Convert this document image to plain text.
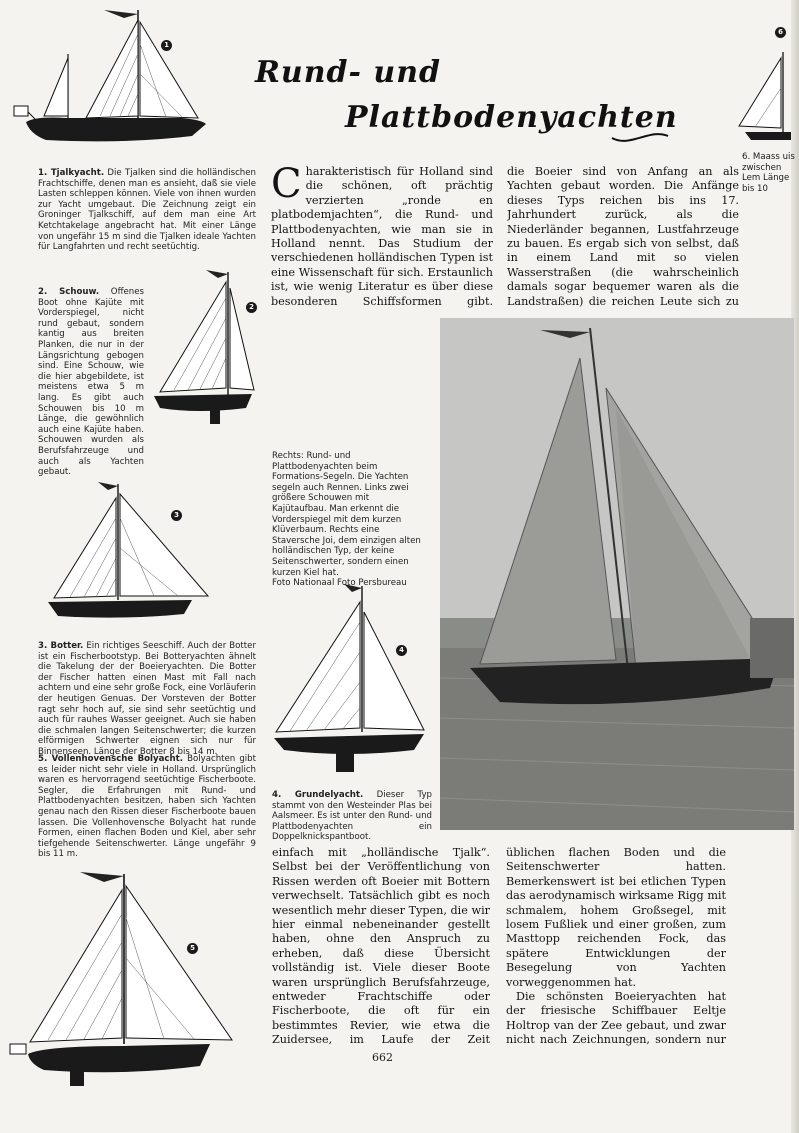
Rund- und
Plattbodenyachten
1
1. Tjalkyacht. Die Tjalken sind die holländischen Frachtschiffe, denen man es ansieht, daß sie viele Lasten schleppen können. Viele von ihnen wurden zur Yacht umgebaut. Die Zeichnung zeigt ein Groninger Tjalkschiff, auf dem man eine Art Ketchtakelage angebracht hat. Mit einer Länge von ungefähr 15 m sind die Tjalken ideale Yachten für Langfahrten und recht seetüchtig.
2
2. Schouw. Offenes Boot ohne Kajüte mit Vorderspiegel, nicht rund gebaut, sondern kantig aus breiten Planken, die nur in der Längsrichtung gebogen sind. Eine Schouw, wie die hier abgebildete, ist meistens etwa 5 m lang. Es gibt auch Schouwen bis 10 m Länge, die gewöhnlich auch eine Kajüte haben. Schouwen wurden als Berufsfahrzeuge und auch als Yachten gebaut.
3
3. Botter. Ein richtiges Seeschiff. Auch der Botter ist ein Fischerbootstyp. Bei Botteryachten ähnelt die Takelung der der Boeieryachten. Die Botter der Fischer hatten einen Mast mit Fall nach achtern und eine sehr große Fock, eine Vorläuferin der heutigen Genuas. Der Vorsteven der Botter ragt sehr hoch auf, sie sind sehr seetüchtig und auch für rauhes Wasser geeignet. Auch sie haben die schmalen langen Seitenschwerter; die kurzen elförmigen Schwerter eignen sich nur für Binnenseen. Länge der Botter 8 bis 14 m.
4
4. Grundelyacht. Dieser Typ stammt von den Westeinder Plas bei Aalsmeer. Es ist unter den Rund- und Plattbodenyachten ein Doppelknickspantboot.
5. Vollenhovensche Bolyacht. Bolyachten gibt es leider nicht sehr viele in Holland. Ursprünglich waren es hervorragend seetüchtige Fischerboote. Segler, die Erfahrungen mit Rund- und Plattbodenyachten besitzen, haben sich Yachten genau nach den Rissen dieser Fischerboote bauen lassen. Die Vollenhovensche Bolyacht hat runde Formen, einen flachen Boden und Kiel, aber sehr tiefgehende Seitenschwerter. Länge ungefähr 9 bis 11 m.
5

Charakteristisch für Holland sind die schönen, oft prächtig verzierten „ronde en platbodemjachten“, die Rund- und Plattbodenyachten, wie man sie in Holland nennt. Das Studium der verschiedenen holländischen Typen ist eine Wissenschaft für sich. Erstaunlich ist, wie wenig Literatur es über diese besonderen Schiffsformen gibt.

die Boeier sind von Anfang an als Yachten gebaut worden. Die Anfänge dieses Typs reichen bis ins 17. Jahrhundert zurück, als die Niederländer begannen, Lustfahrzeuge zu bauen. Es ergab sich von selbst, daß in einem Land mit so vielen Wasserstraßen (die wahrscheinlich damals sogar bequemer waren als die Landstraßen) die reichen Leute sich zu

6
6. Maass uis zwischen Lem Länge bis 10
Rechts: Rund- und Plattbodenyachten beim Formations-Segeln. Die Yachten segeln auch Rennen. Links zwei größere Schouwen mit Kajütaufbau. Man erkennt die Vorderspiegel mit dem kurzen Klüverbaum. Rechts eine Staversche Joi, dem einzigen alten holländischen Typ, der keine Seitenschwerter, sondern einen kurzen Kiel hat.
Foto Nationaal Foto Persbureau

einfach mit „holländische Tjalk“. Selbst bei der Veröffentlichung von Rissen werden oft Boeier mit Bottern verwechselt. Tatsächlich gibt es noch wesentlich mehr dieser Typen, die wir hier einmal nebeneinander gestellt haben, ohne den Anspruch zu erheben, daß diese Übersicht vollständig ist. Viele dieser Boote waren ursprünglich Berufsfahrzeuge, entweder Frachtschiffe oder Fischerboote, die oft für ein bestimmtes Revier, wie etwa die Zuidersee, im Laufe der Zeit

üblichen flachen Boden und die Seitenschwerter hatten. Bemerkenswert ist bei etlichen Typen das aerodynamisch wirksame Rigg mit schmalem, hohem Großsegel, mit losem Fußliek und einer großen, zum Masttopp reichenden Fock, das spätere Entwicklungen der Besegelung von Yachten vorweggenommen hat.

Die schönsten Boeieryachten hat der friesische Schiffbauer Eeltje Holtrop van der Zee gebaut, und zwar nicht nach Zeichnungen, sondern nur

662
